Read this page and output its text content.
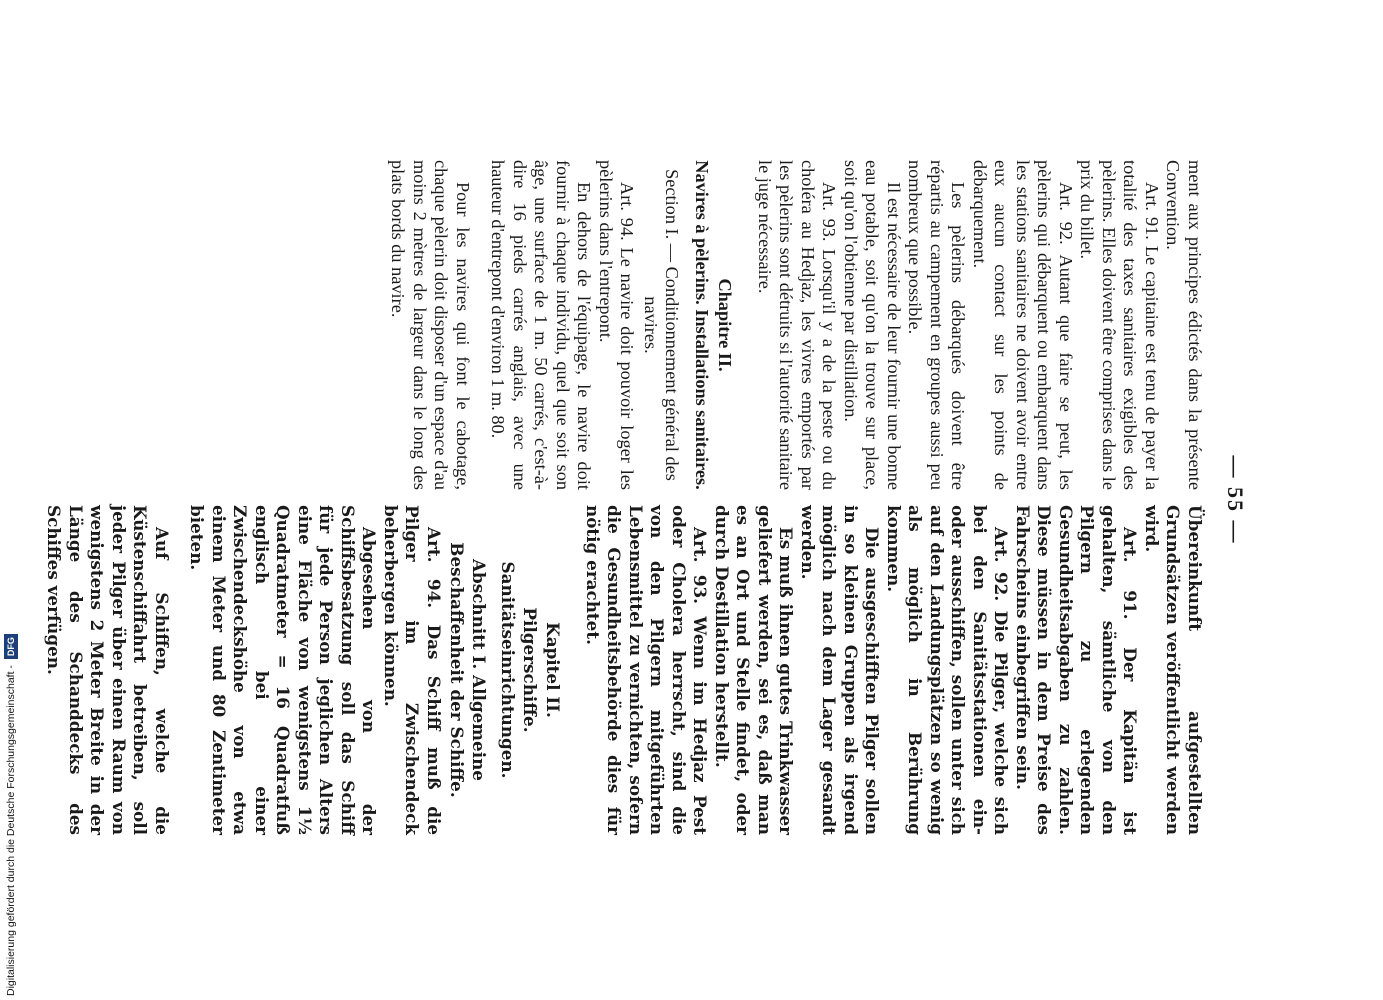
— 55 —

ment aux principes édictés dans la présente Convention.

Art. 91. Le capitaine est tenu de payer la totalité des taxes sanitaires exigibles des pèlerins. Elles doivent être comprises dans le prix du billet.

Art. 92. Autant que faire se peut, les pèlerins qui débarquent ou embarquent dans les stations sanitaires ne doivent avoir entre eux aucun contact sur les points de débarquement.

Les pèlerins débarqués doivent être répartis au campement en groupes aussi peu nombreux que possible.

Il est nécessaire de leur fournir une bonne eau potable, soit qu'on la trouve sur place, soit qu'on l'obtienne par distillation.

Art. 93. Lorsqu'il y a de la peste ou du choléra au Hedjaz, les vivres emportés par les pèlerins sont détruits si l'autorité sanitaire le juge nécessaire.

Chapitre II.

Navires à pèlerins. Installations sanitaires.

Section I. — Conditionnement général des navires.

Art. 94. Le navire doit pouvoir loger les pèlerins dans l'entrepont.

En dehors de l'équipage, le navire doit fournir à chaque individu, quel que soit son âge, une surface de 1 m. 50 carrés, c'est-à-dire 16 pieds carrés anglais, avec une hauteur d'entrepont d'environ 1 m. 80.

Pour les navires qui font le cabotage, chaque pèlerin doit disposer d'un espace d'au moins 2 mètres de largeur dans le long des plats bords du navire.

Übereinkunft aufgestellten Grundsätzen veröffentlicht werden wird.

Art. 91. Der Kapitän ist gehalten, sämtliche von den Pilgern zu erlegenden Gesundheitsabgaben zu zahlen. Diese müssen in dem Preise des Fahrscheins einbegriffen sein.

Art. 92. Die Pilger, welche sich bei den Sanitätsstationen ein- oder ausschiffen, sollen unter sich auf den Landungsplätzen so wenig als möglich in Berührung kommen.

Die ausgeschifften Pilger sollen in so kleinen Gruppen als irgend möglich nach dem Lager gesandt werden.

Es muß ihnen gutes Trinkwasser geliefert werden, sei es, daß man es an Ort und Stelle findet, oder durch Destillation herstellt.

Art. 93. Wenn im Hedjaz Pest oder Cholera herrscht, sind die von den Pilgern mitgeführten Lebensmittel zu vernichten, sofern die Gesundheitsbehörde dies für nötig erachtet.

Kapitel II.

Pilgerschiffe. Sanitätseinrichtungen.

Abschnitt I. Allgemeine Beschaffenheit der Schiffe.

Art. 94. Das Schiff muß die Pilger im Zwischendeck beherbergen können.

Abgesehen von der Schiffsbesatzung soll das Schiff für jede Person jeglichen Alters eine Fläche von wenigstens 1½ Quadratmeter = 16 Quadratfuß englisch bei einer Zwischendeckshöhe von etwa einem Meter und 80 Zentimeter bieten.

Auf Schiffen, welche die Küstenschiffahrt betreiben, soll jeder Pilger über einen Raum von wenigstens 2 Meter Breite in der Länge des Schanddecks des Schiffes verfügen.

Digitalisierung gefördert durch die Deutsche Forschungsgemeinschaft - DFG
